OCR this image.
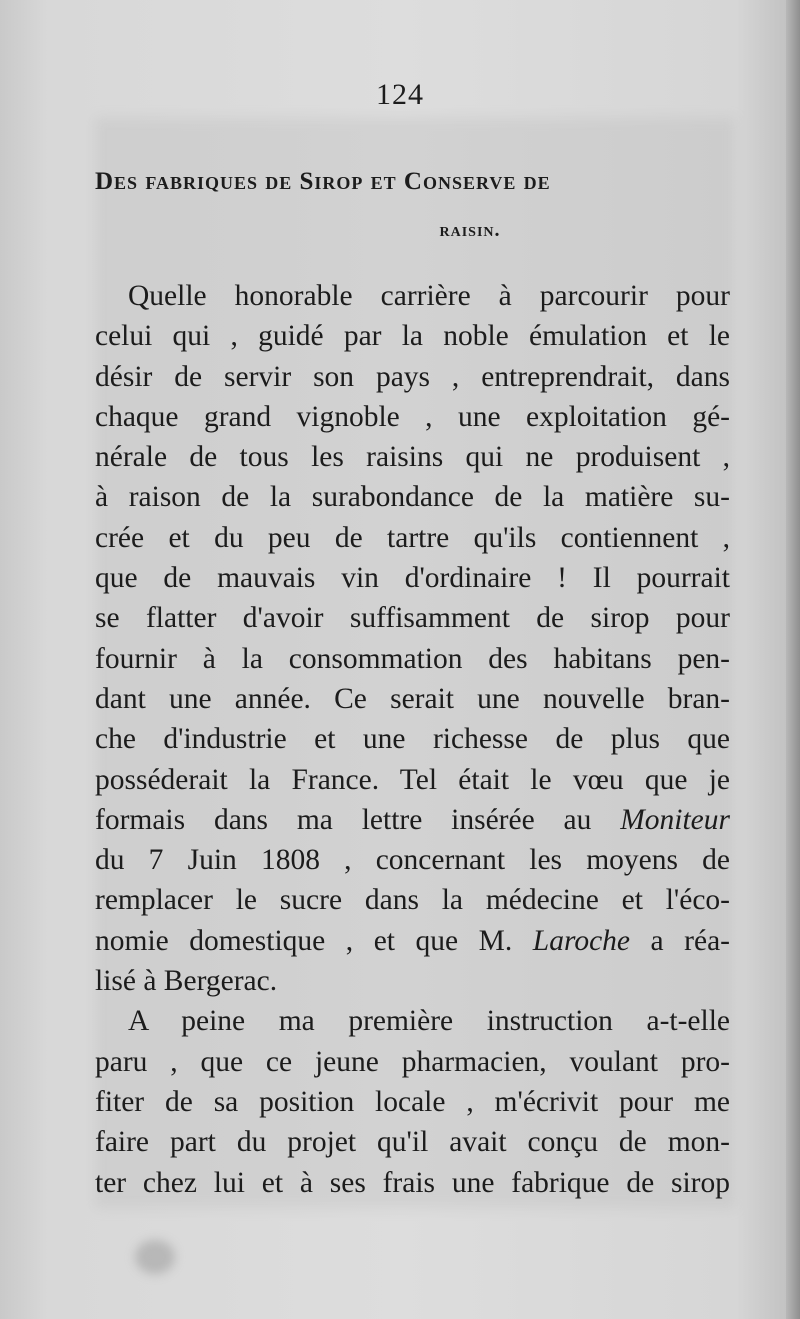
124
Des fabriques de Sirop et Conserve de
raisin.
Quelle honorable carrière à parcourir pour
celui qui , guidé par la noble émulation et le
désir de servir son pays , entreprendrait, dans
chaque grand vignoble , une exploitation gé-
nérale de tous les raisins qui ne produisent ,
à raison de la surabondance de la matière su-
crée et du peu de tartre qu'ils contiennent ,
que de mauvais vin d'ordinaire ! Il pourrait
se flatter d'avoir suffisamment de sirop pour
fournir à la consommation des habitans pen-
dant une année. Ce serait une nouvelle bran-
che d'industrie et une richesse de plus que
posséderait la France. Tel était le vœu que je
formais dans ma lettre insérée au Moniteur
du 7 Juin 1808 , concernant les moyens de
remplacer le sucre dans la médecine et l'éco-
nomie domestique , et que M. Laroche a réa-
lisé à Bergerac.
A peine ma première instruction a-t-elle
paru , que ce jeune pharmacien, voulant pro-
fiter de sa position locale , m'écrivit pour me
faire part du projet qu'il avait conçu de mon-
ter chez lui et à ses frais une fabrique de sirop
